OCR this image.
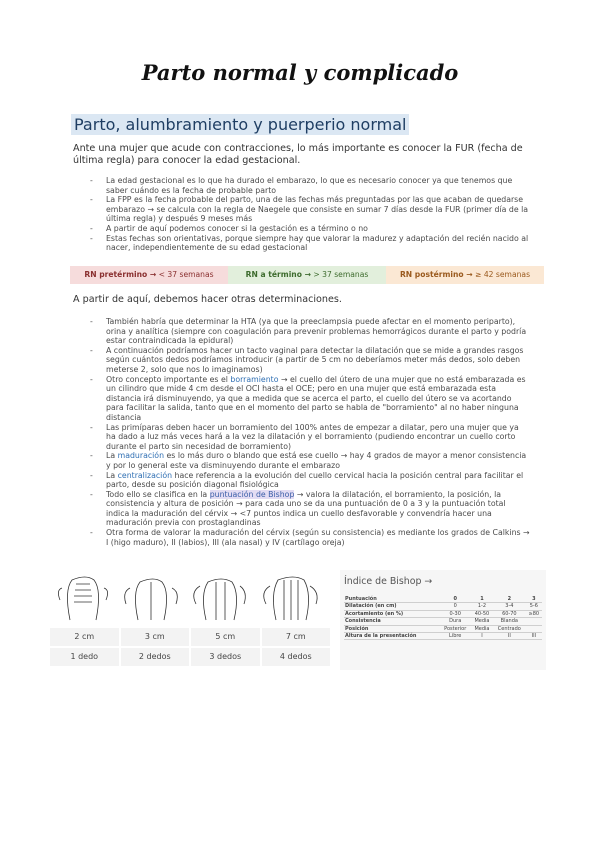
Parto normal y complicado
Parto, alumbramiento y puerperio normal

Ante una mujer que acude con contracciones, lo más importante es conocer la FUR (fecha de última regla) para conocer la edad gestacional.

- La edad gestacional es lo que ha durado el embarazo, lo que es necesario conocer ya que tenemos que saber cuándo es la fecha de probable parto
- La FPP es la fecha probable del parto, una de las fechas más preguntadas por las que acaban de quedarse embarazo → se calcula con la regla de Naegele que consiste en sumar 7 días desde la FUR (primer día de la última regla) y después 9 meses más
- A partir de aquí podemos conocer si la gestación es a término o no
- Estas fechas son orientativas, porque siempre hay que valorar la madurez y adaptación del recién nacido al nacer, independientemente de su edad gestacional
RN pretérmino → < 37 semanas	RN a término → > 37 semanas	RN postérmino → ≥ 42 semanas

A partir de aquí, debemos hacer otras determinaciones.

- También habría que determinar la HTA (ya que la preeclampsia puede afectar en el momento periparto), orina y analítica (siempre con coagulación para prevenir problemas hemorrágicos durante el parto y podría estar contraindicada la epidural)
- A continuación podríamos hacer un tacto vaginal para detectar la dilatación que se mide a grandes rasgos según cuántos dedos podríamos introducir (a partir de 5 cm no deberíamos meter más dedos, solo deben meterse 2, solo que nos lo imaginamos)
- Otro concepto importante es el borramiento → el cuello del útero de una mujer que no está embarazada es un cilindro que mide 4 cm desde el OCI hasta el OCE; pero en una mujer que está embarazada esta distancia irá disminuyendo, ya que a medida que se acerca el parto, el cuello del útero se va acortando para facilitar la salida, tanto que en el momento del parto se habla de "borramiento" al no haber ninguna distancia
- Las primíparas deben hacer un borramiento del 100% antes de empezar a dilatar, pero una mujer que ya ha dado a luz más veces hará a la vez la dilatación y el borramiento (pudiendo encontrar un cuello corto durante el parto sin necesidad de borramiento)
- La maduración es lo más duro o blando que está ese cuello → hay 4 grados de mayor a menor consistencia y por lo general este va disminuyendo durante el embarazo
- La centralización hace referencia a la evolución del cuello cervical hacia la posición central para facilitar el parto, desde su posición diagonal fisiológica
- Todo ello se clasifica en la puntuación de Bishop → valora la dilatación, el borramiento, la posición, la consistencia y altura de posición → para cada uno se da una puntuación de 0 a 3 y la puntuación total indica la maduración del cérvix → <7 puntos indica un cuello desfavorable y convendría hacer una maduración previa con prostaglandinas
- Otra forma de valorar la maduración del cérvix (según su consistencia) es mediante los grados de Calkins → I (higo maduro), II (labios), III (ala nasal) y IV (cartílago oreja)
2 cm	3 cm	5 cm	7 cm
1 dedo	2 dedos	3 dedos	4 dedos
Índice de Bishop →
Puntuación	0	1	2	3
Dilatación (en cm)	0	1-2	3-4	5-6
Acortamiento (en %)	0-30	40-50	60-70	≥80
Consistencia	Dura	Media	Blanda	
Posición	Posterior	Media	Centrado	
Altura de la presentación	Libre	I	II	III
